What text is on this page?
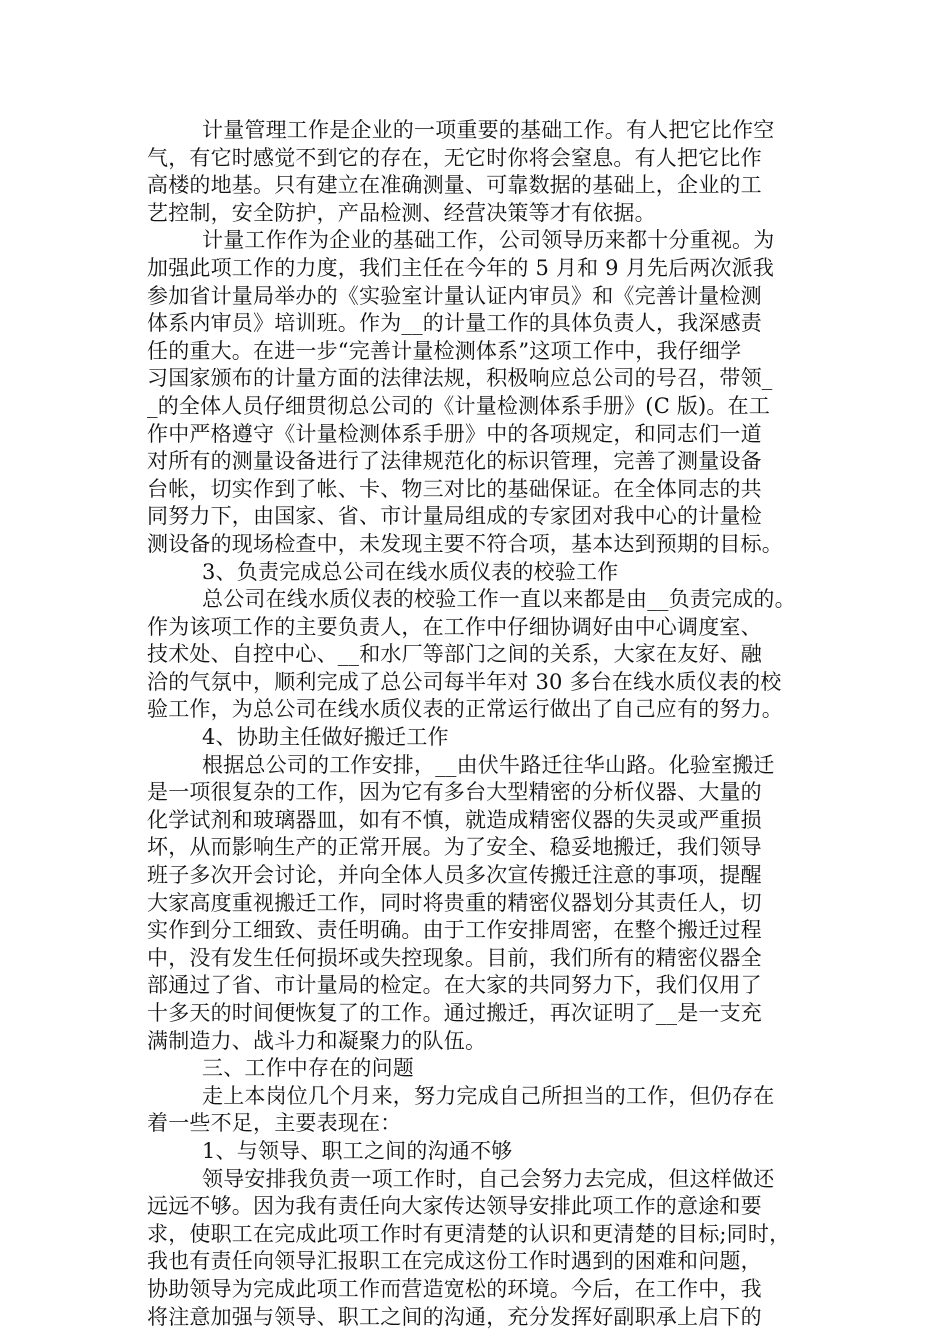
计量管理工作是企业的一项重要的基础工作。有人把它比作空
气，有它时感觉不到它的存在，无它时你将会窒息。有人把它比作
高楼的地基。只有建立在准确测量、可靠数据的基础上，企业的工
艺控制，安全防护，产品检测、经营决策等才有依据。
计量工作作为企业的基础工作，公司领导历来都十分重视。为
加强此项工作的力度，我们主任在今年的 5 月和 9 月先后两次派我
参加省计量局举办的《实验室计量认证内审员》和《完善计量检测
体系内审员》培训班。作为__的计量工作的具体负责人，我深感责
任的重大。在进一步“完善计量检测体系”这项工作中，我仔细学
习国家颁布的计量方面的法律法规，积极响应总公司的号召，带领_
_的全体人员仔细贯彻总公司的《计量检测体系手册》(C 版)。在工
作中严格遵守《计量检测体系手册》中的各项规定，和同志们一道
对所有的测量设备进行了法律规范化的标识管理，完善了测量设备
台帐，切实作到了帐、卡、物三对比的基础保证。在全体同志的共
同努力下，由国家、省、市计量局组成的专家团对我中心的计量检
测设备的现场检查中，未发现主要不符合项，基本达到预期的目标。
3、负责完成总公司在线水质仪表的校验工作
总公司在线水质仪表的校验工作一直以来都是由__负责完成的。
作为该项工作的主要负责人，在工作中仔细协调好由中心调度室、
技术处、自控中心、__和水厂等部门之间的关系，大家在友好、融
洽的气氛中，顺利完成了总公司每半年对 30 多台在线水质仪表的校
验工作，为总公司在线水质仪表的正常运行做出了自己应有的努力。
4、协助主任做好搬迁工作
根据总公司的工作安排，__由伏牛路迁往华山路。化验室搬迁
是一项很复杂的工作，因为它有多台大型精密的分析仪器、大量的
化学试剂和玻璃器皿，如有不慎，就造成精密仪器的失灵或严重损
坏，从而影响生产的正常开展。为了安全、稳妥地搬迁，我们领导
班子多次开会讨论，并向全体人员多次宣传搬迁注意的事项，提醒
大家高度重视搬迁工作，同时将贵重的精密仪器划分其责任人，切
实作到分工细致、责任明确。由于工作安排周密，在整个搬迁过程
中，没有发生任何损坏或失控现象。目前，我们所有的精密仪器全
部通过了省、市计量局的检定。在大家的共同努力下，我们仅用了
十多天的时间便恢复了的工作。通过搬迁，再次证明了__是一支充
满制造力、战斗力和凝聚力的队伍。
三、工作中存在的问题
走上本岗位几个月来，努力完成自己所担当的工作，但仍存在
着一些不足，主要表现在：
1、与领导、职工之间的沟通不够
领导安排我负责一项工作时，自己会努力去完成，但这样做还
远远不够。因为我有责任向大家传达领导安排此项工作的意途和要
求，使职工在完成此项工作时有更清楚的认识和更清楚的目标;同时，
我也有责任向领导汇报职工在完成这份工作时遇到的困难和问题，
协助领导为完成此项工作而营造宽松的环境。今后，在工作中，我
将注意加强与领导、职工之间的沟通，充分发挥好副职承上启下的
